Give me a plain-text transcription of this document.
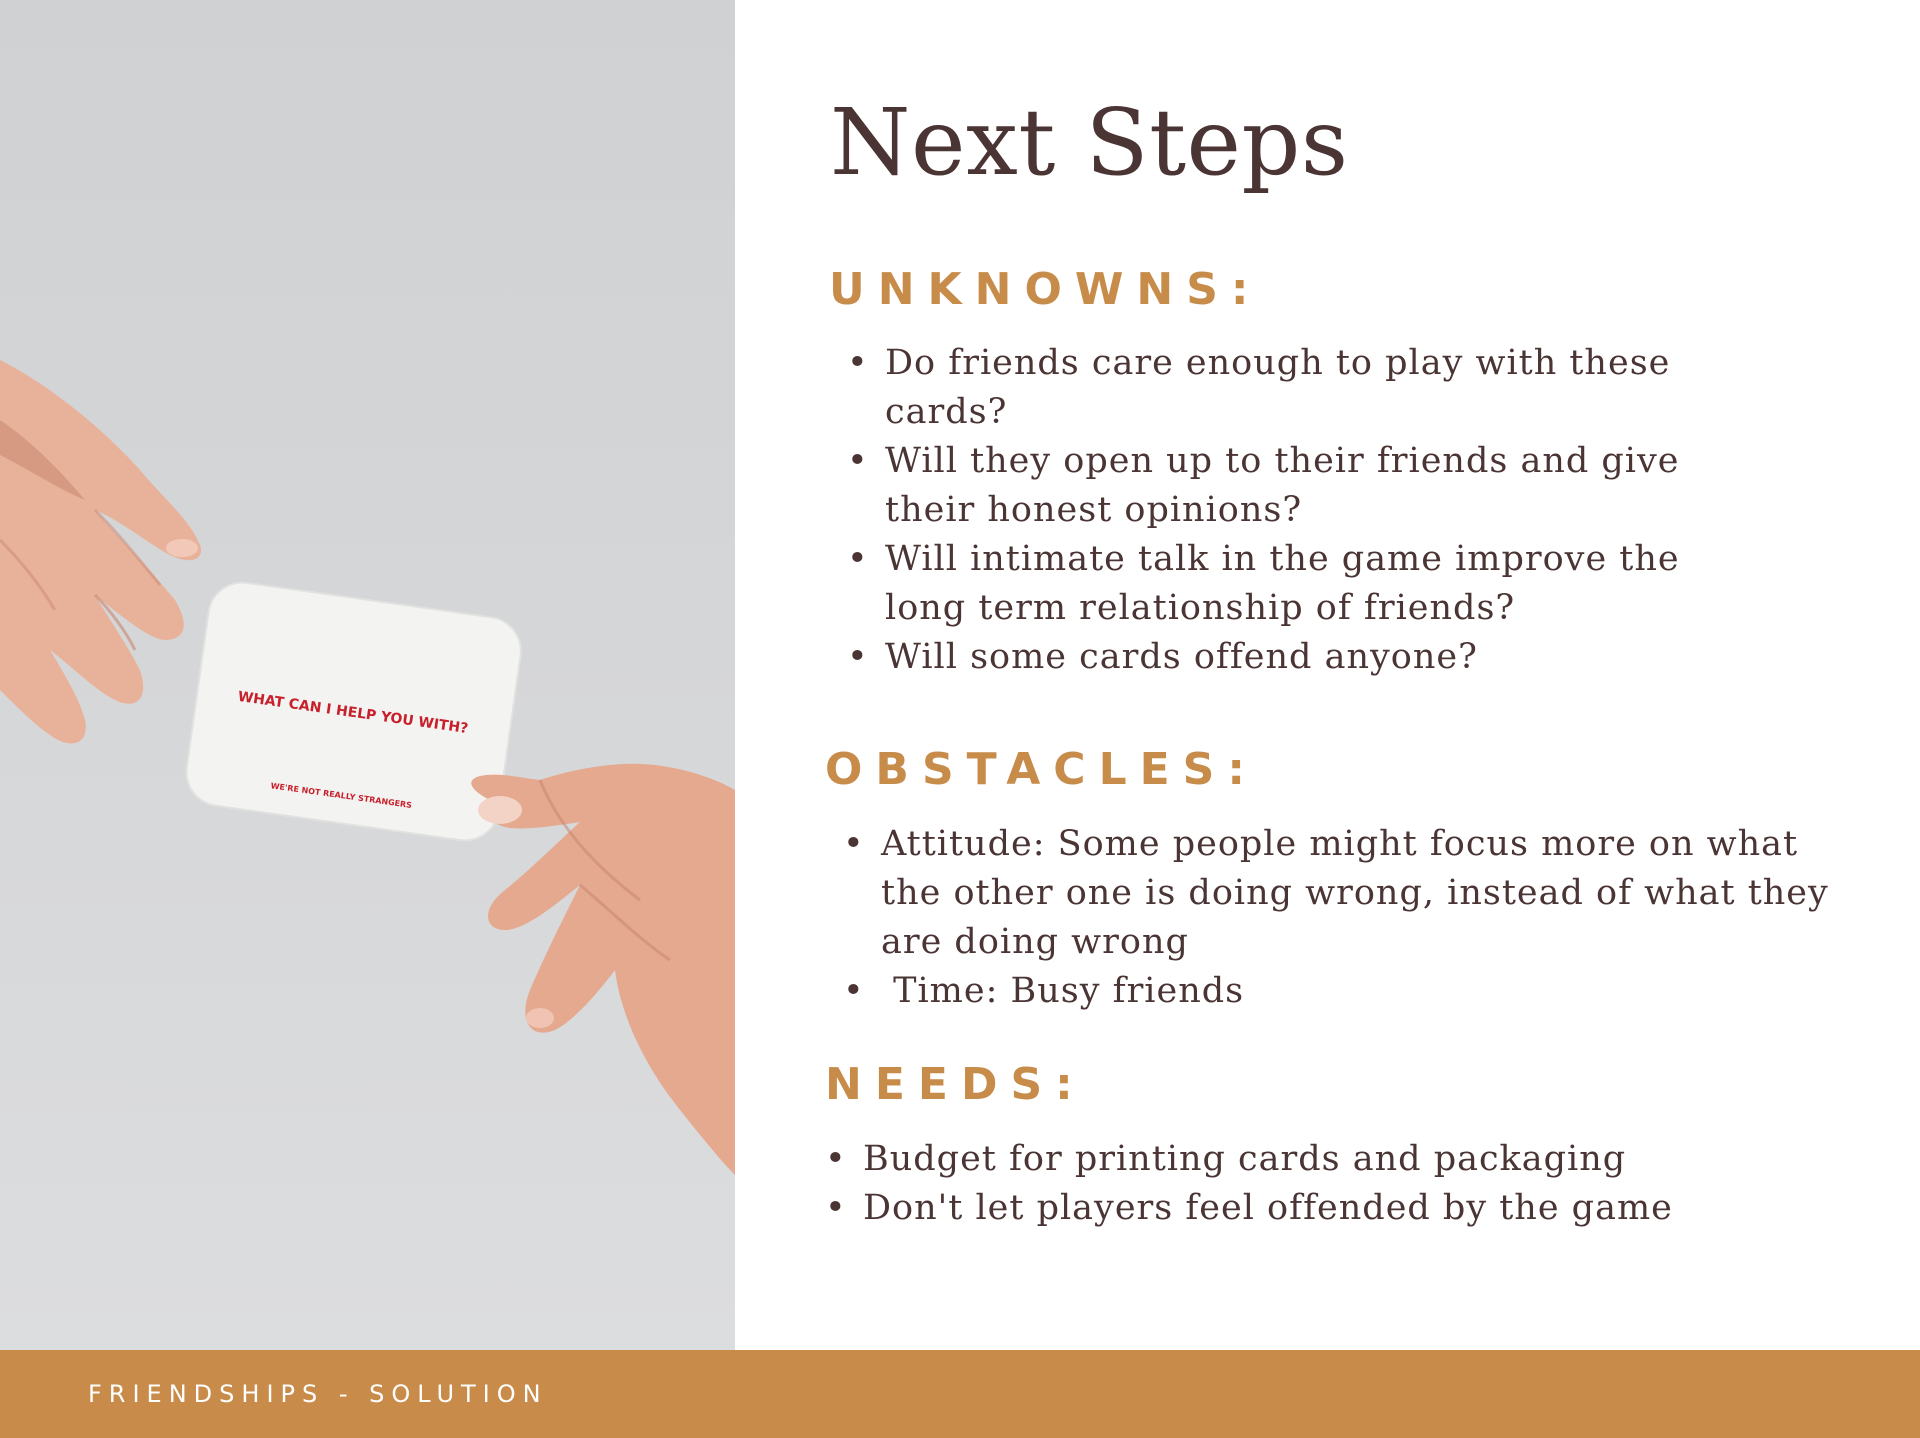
WHAT CAN I HELP YOU WITH?
WE'RE NOT REALLY STRANGERS
Next Steps
UNKNOWNS:
• Do friends care enough to play with these cards?
• Will they open up to their friends and give their honest opinions?
• Will intimate talk in the game improve the long term relationship of friends?
• Will some cards offend anyone?
OBSTACLES:
• Attitude: Some people might focus more on what the other one is doing wrong, instead of what they are doing wrong
•  Time: Busy friends
NEEDS:
• Budget for printing cards and packaging
• Don't let players feel offended by the game
FRIENDSHIPS - SOLUTION
